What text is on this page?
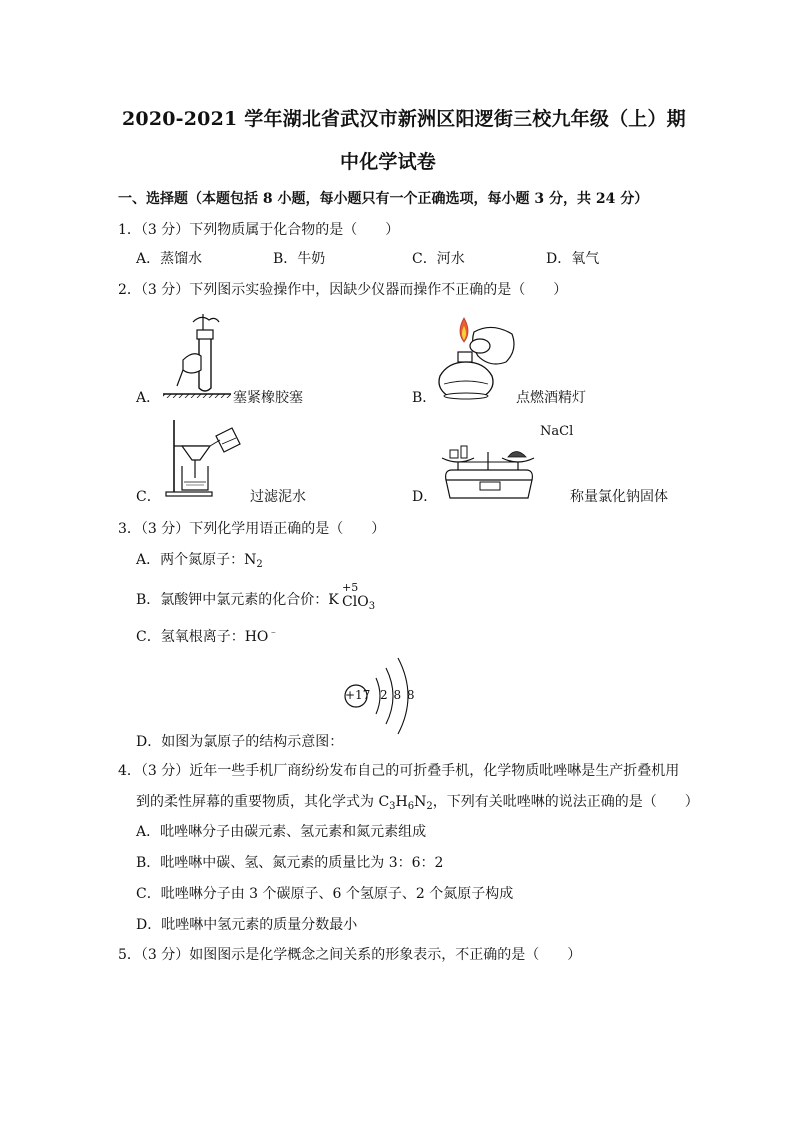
2020-2021 学年湖北省武汉市新洲区阳逻街三校九年级（上）期
中化学试卷
一、选择题（本题包括 8 小题，每小题只有一个正确选项，每小题 3 分，共 24 分）
1．（3 分）下列物质属于化合物的是（　　）
A．蒸馏水	B．牛奶	C．河水	D．氧气
2．（3 分）下列图示实验操作中，因缺少仪器而操作不正确的是（　　）
A．	塞紧橡胶塞	B．	点燃酒精灯
C．	过滤泥水
NaCl
D．	称量氯化钠固体
3．（3 分）下列化学用语正确的是（　　）
A．两个氮原子：$N_2$
B．氯酸钾中氯元素的化合价：K
+5
ClO$_3$
C．氢氧根离子：HO﹣
+17 2 8 8
D．如图为氯原子的结构示意图：
4．（3 分）近年一些手机厂商纷纷发布自己的可折叠手机，化学物质吡唑啉是生产折叠机用
到的柔性屏幕的重要物质，其化学式为 $C_3H_6N_2$，下列有关吡唑啉的说法正确的是（　　）
A．吡唑啉分子由碳元素、氢元素和氮元素组成
B．吡唑啉中碳、氢、氮元素的质量比为 3：6：2
C．吡唑啉分子由 3 个碳原子、6 个氢原子、2 个氮原子构成
D．吡唑啉中氢元素的质量分数最小
5．（3 分）如图图示是化学概念之间关系的形象表示，不正确的是（　　）
